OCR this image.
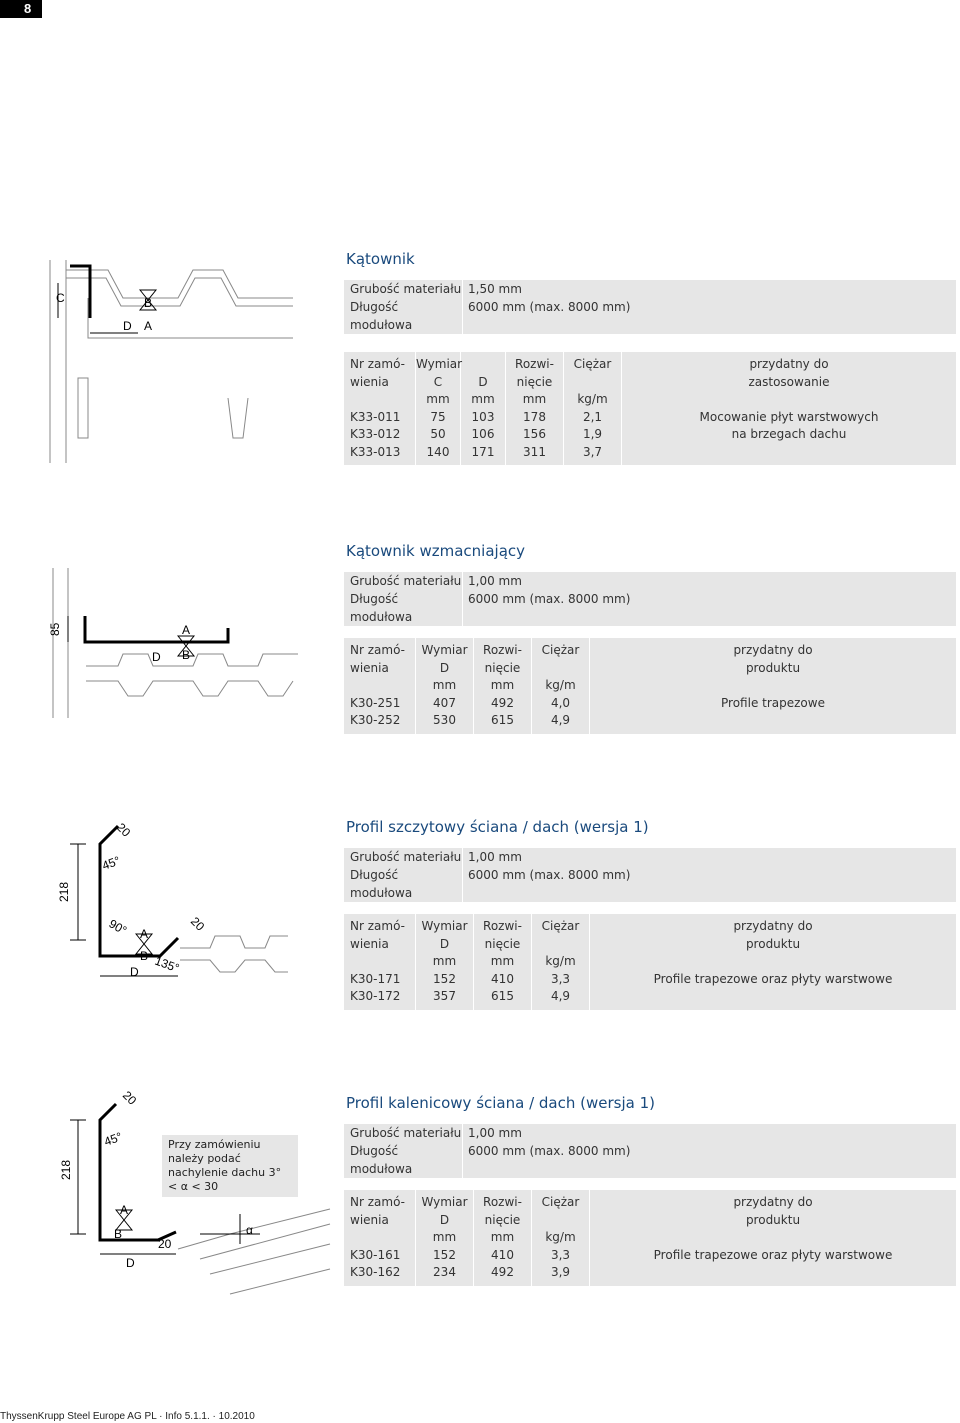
8
C	B
D A
Kątownik
Grubość materiału 1,50 mm
Długość modułowa
6000 mm (max. 8000 mm)
Nr zamó-
wienia

K33-011
K33-012
K33-013
Wymiar
C
mm
75
50
140

D
mm
103
106
171
Rozwi-
nięcie
mm
178
156
311
Ciężar

kg/m
2,1
1,9
3,7
przydatny do
zastosowanie
Mocowanie płyt warstwowych
na brzegach dachu
85	A
D B
Kątownik wzmacniający
Grubość materiału 1,00 mm
Długość modułowa
6000 mm (max. 8000 mm)
Nr zamó-
wienia

K30-251
K30-252
Wymiar
D
mm
407
530
Rozwi-
nięcie
mm
492
615
Ciężar

kg/m
4,0
4,9
przydatny do
produktu
Profile trapezowe
20
45°
218
90° A
B
D 135°
20
Profil szczytowy ściana / dach (wersja 1)
Grubość materiału 1,00 mm
Długość modułowa
6000 mm (max. 8000 mm)
Nr zamó-
wienia

K30-171
K30-172
Wymiar
D
mm
152
357
Rozwi-
nięcie
mm
410
615
Ciężar

kg/m
3,3
4,9
przydatny do
produktu
Profile trapezowe oraz płyty warstwowe
20
45°
218
A
B
D
20
α
Przy zamówieniu należy podać nachylenie dachu 3° < α < 30
Profil kalenicowy ściana / dach (wersja 1)
Grubość materiału 1,00 mm
Długość modułowa
6000 mm (max. 8000 mm)
Nr zamó-
wienia

K30-161
K30-162
Wymiar
D
mm
152
234
Rozwi-
nięcie
mm
410
492
Ciężar

kg/m
3,3
3,9
przydatny do
produktu
Profile trapezowe oraz płyty warstwowe
ThyssenKrupp Steel Europe AG PL · Info 5.1.1. · 10.2010
